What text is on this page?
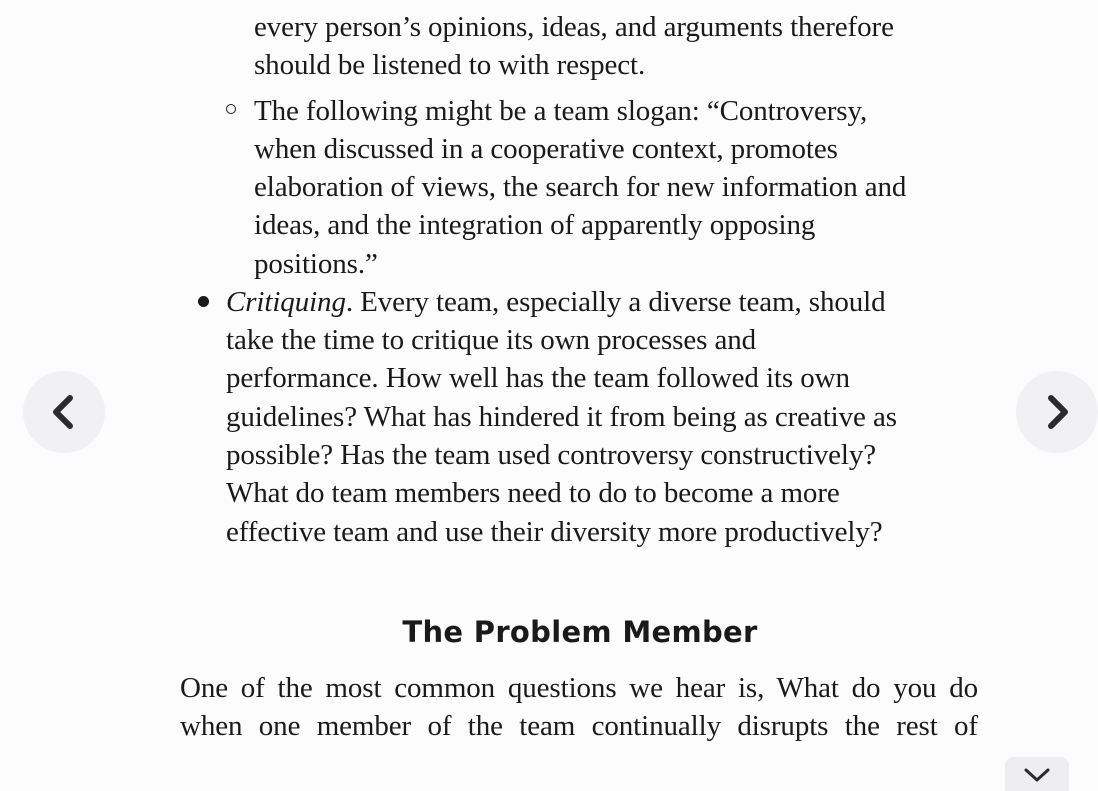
every person’s opinions, ideas, and arguments therefore
should be listened to with respect.
The following might be a team slogan: “Controversy,
when discussed in a cooperative context, promotes
elaboration of views, the search for new information and
ideas, and the integration of apparently opposing
positions.”
Critiquing. Every team, especially a diverse team, should
take the time to critique its own processes and
performance. How well has the team followed its own
guidelines? What has hindered it from being as creative as
possible? Has the team used controversy constructively?
What do team members need to do to become a more
effective team and use their diversity more productively?
The Problem Member
One of the most common questions we hear is, What do you do
when one member of the team continually disrupts the rest of
